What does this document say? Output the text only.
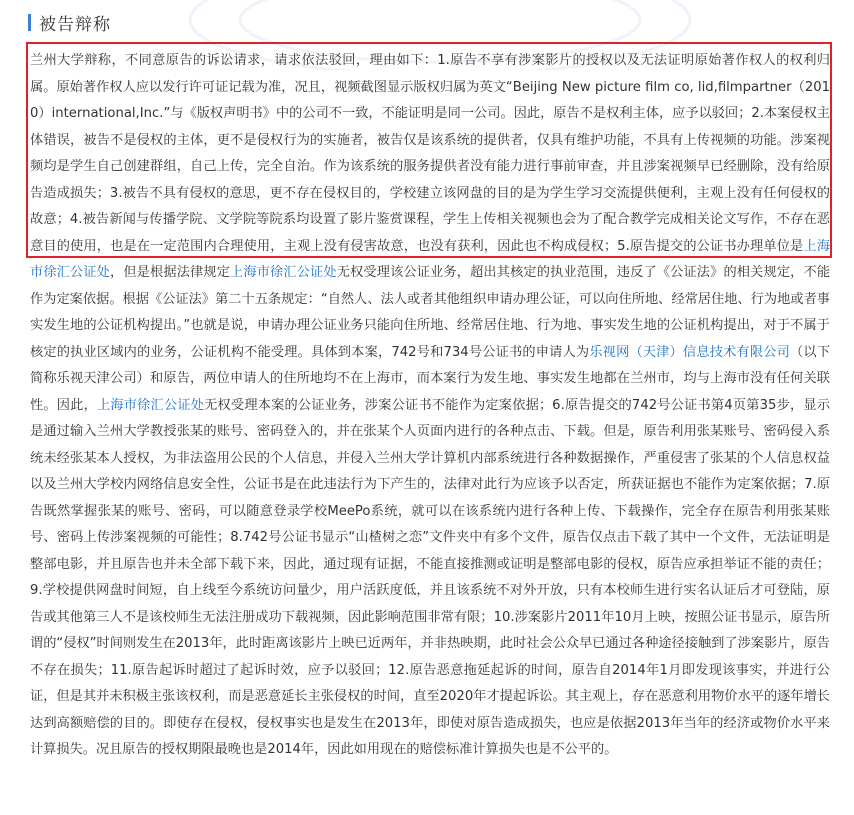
被告辩称

兰州大学辩称，不同意原告的诉讼请求，请求依法驳回，理由如下：1.原告不享有涉案影片的授权以及无法证明原始著作权人的权利归属。原始著作权人应以发行许可证记载为准，况且，视频截图显示版权归属为英文“Beijing New picture film co, lid,filmpartner（2010）international,Inc.”与《版权声明书》中的公司不一致，不能证明是同一公司。因此，原告不是权利主体，应予以驳回；2.本案侵权主体错误，被告不是侵权的主体，更不是侵权行为的实施者，被告仅是该系统的提供者，仅具有维护功能，不具有上传视频的功能。涉案视频均是学生自己创建群组，自己上传，完全自治。作为该系统的服务提供者没有能力进行事前审查，并且涉案视频早已经删除，没有给原告造成损失；3.被告不具有侵权的意思，更不存在侵权目的，学校建立该网盘的目的是为学生学习交流提供便利，主观上没有任何侵权的故意；4.被告新闻与传播学院、文学院等院系均设置了影片鉴赏课程，学生上传相关视频也会为了配合教学完成相关论文写作，不存在恶意目的使用，也是在一定范围内合理使用，主观上没有侵害故意，也没有获利，因此也不构成侵权；5.原告提交的公证书办理单位是上海市徐汇公证处，但是根据法律规定上海市徐汇公证处无权受理该公证业务，超出其核定的执业范围，违反了《公证法》的相关规定，不能作为定案依据。根据《公证法》第二十五条规定：“自然人、法人或者其他组织申请办理公证，可以向住所地、经常居住地、行为地或者事实发生地的公证机构提出。”也就是说，申请办理公证业务只能向住所地、经常居住地、行为地、事实发生地的公证机构提出，对于不属于核定的执业区域内的业务，公证机构不能受理。具体到本案，742号和734号公证书的申请人为乐视网（天津）信息技术有限公司（以下简称乐视天津公司）和原告，两位申请人的住所地均不在上海市，而本案行为发生地、事实发生地都在兰州市，均与上海市没有任何关联性。因此，上海市徐汇公证处无权受理本案的公证业务，涉案公证书不能作为定案依据；6.原告提交的742号公证书第4页第35步，显示是通过输入兰州大学教授张某的账号、密码登入的，并在张某个人页面内进行的各种点击、下载。但是，原告利用张某账号、密码侵入系统未经张某本人授权，为非法盗用公民的个人信息，并侵入兰州大学计算机内部系统进行各种数据操作，严重侵害了张某的个人信息权益以及兰州大学校内网络信息安全性，公证书是在此违法行为下产生的，法律对此行为应该予以否定，所获证据也不能作为定案依据；7.原告既然掌握张某的账号、密码，可以随意登录学校MeePo系统，就可以在该系统内进行各种上传、下载操作，完全存在原告利用张某账号、密码上传涉案视频的可能性；8.742号公证书显示“山楂树之恋”文件夹中有多个文件，原告仅点击下载了其中一个文件，无法证明是整部电影，并且原告也并未全部下载下来，因此，通过现有证据，不能直接推测或证明是整部电影的侵权，原告应承担举证不能的责任；9.学校提供网盘时间短，自上线至今系统访问量少，用户活跃度低，并且该系统不对外开放，只有本校师生进行实名认证后才可登陆，原告或其他第三人不是该校师生无法注册成功下载视频，因此影响范围非常有限；10.涉案影片2011年10月上映，按照公证书显示，原告所谓的“侵权”时间则发生在2013年，此时距离该影片上映已近两年，并非热映期，此时社会公众早已通过各种途径接触到了涉案影片，原告不存在损失；11.原告起诉时超过了起诉时效，应予以驳回；12.原告恶意拖延起诉的时间，原告自2014年1月即发现该事实，并进行公证，但是其并未积极主张该权利，而是恶意延长主张侵权的时间，直至2020年才提起诉讼。其主观上，存在恶意利用物价水平的逐年增长达到高额赔偿的目的。即使存在侵权，侵权事实也是发生在2013年，即使对原告造成损失，也应是依据2013年当年的经济或物价水平来计算损失。况且原告的授权期限最晚也是2014年，因此如用现在的赔偿标准计算损失也是不公平的。
